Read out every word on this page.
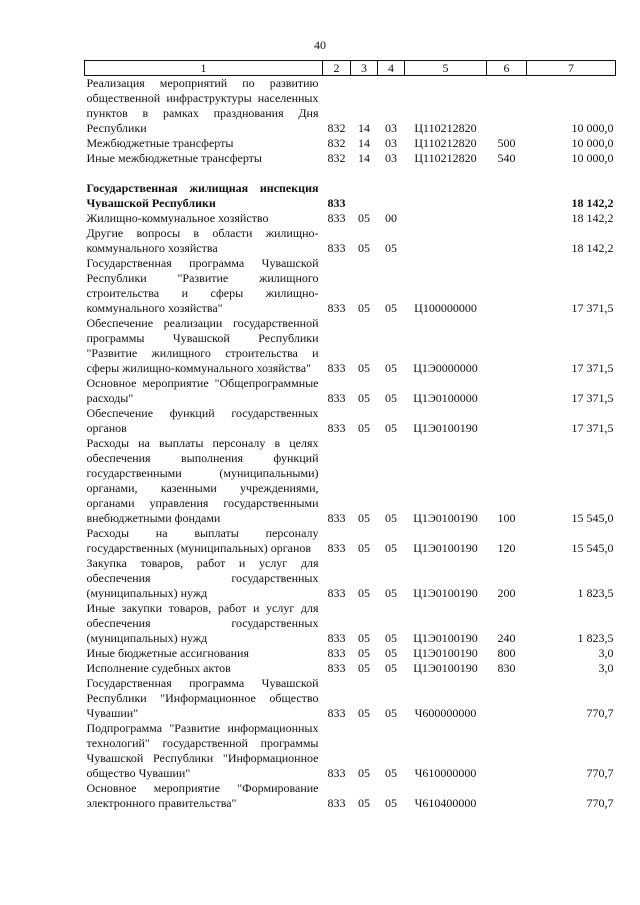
40
1	2	3	4	5	6	7
Реализация мероприятий по развитию общественной инфраструктуры населенных пунктов в рамках празднования Дня Республики	832	14	03	Ц110212820		10 000,0
Межбюджетные трансферты	832	14	03	Ц110212820	500	10 000,0
Иные межбюджетные трансферты	832	14	03	Ц110212820	540	10 000,0

Государственная жилищная инспекция Чувашской Республики	833					18 142,2
Жилищно-коммунальное хозяйство	833	05	00			18 142,2
Другие вопросы в области жилищно-коммунального хозяйства	833	05	05			18 142,2
Государственная программа Чувашской Республики "Развитие жилищного строительства и сферы жилищно-коммунального хозяйства"	833	05	05	Ц100000000		17 371,5
Обеспечение реализации государственной программы Чувашской Республики "Развитие жилищного строительства и сферы жилищно-коммунального хозяйства"	833	05	05	Ц1Э0000000		17 371,5
Основное мероприятие "Общепрограммные расходы"	833	05	05	Ц1Э0100000		17 371,5
Обеспечение функций государственных органов	833	05	05	Ц1Э0100190		17 371,5
Расходы на выплаты персоналу в целях обеспечения выполнения функций государственными (муниципальными) органами, казенными учреждениями, органами управления государственными внебюджетными фондами	833	05	05	Ц1Э0100190	100	15 545,0
Расходы на выплаты персоналу государственных (муниципальных) органов	833	05	05	Ц1Э0100190	120	15 545,0
Закупка товаров, работ и услуг для обеспечения государственных (муниципальных) нужд	833	05	05	Ц1Э0100190	200	1 823,5
Иные закупки товаров, работ и услуг для обеспечения государственных (муниципальных) нужд	833	05	05	Ц1Э0100190	240	1 823,5
Иные бюджетные ассигнования	833	05	05	Ц1Э0100190	800	3,0
Исполнение судебных актов	833	05	05	Ц1Э0100190	830	3,0
Государственная программа Чувашской Республики "Информационное общество Чувашии"	833	05	05	Ч600000000		770,7
Подпрограмма "Развитие информационных технологий" государственной программы Чувашской Республики "Информационное общество Чувашии"	833	05	05	Ч610000000		770,7
Основное мероприятие "Формирование электронного правительства"	833	05	05	Ч610400000		770,7
